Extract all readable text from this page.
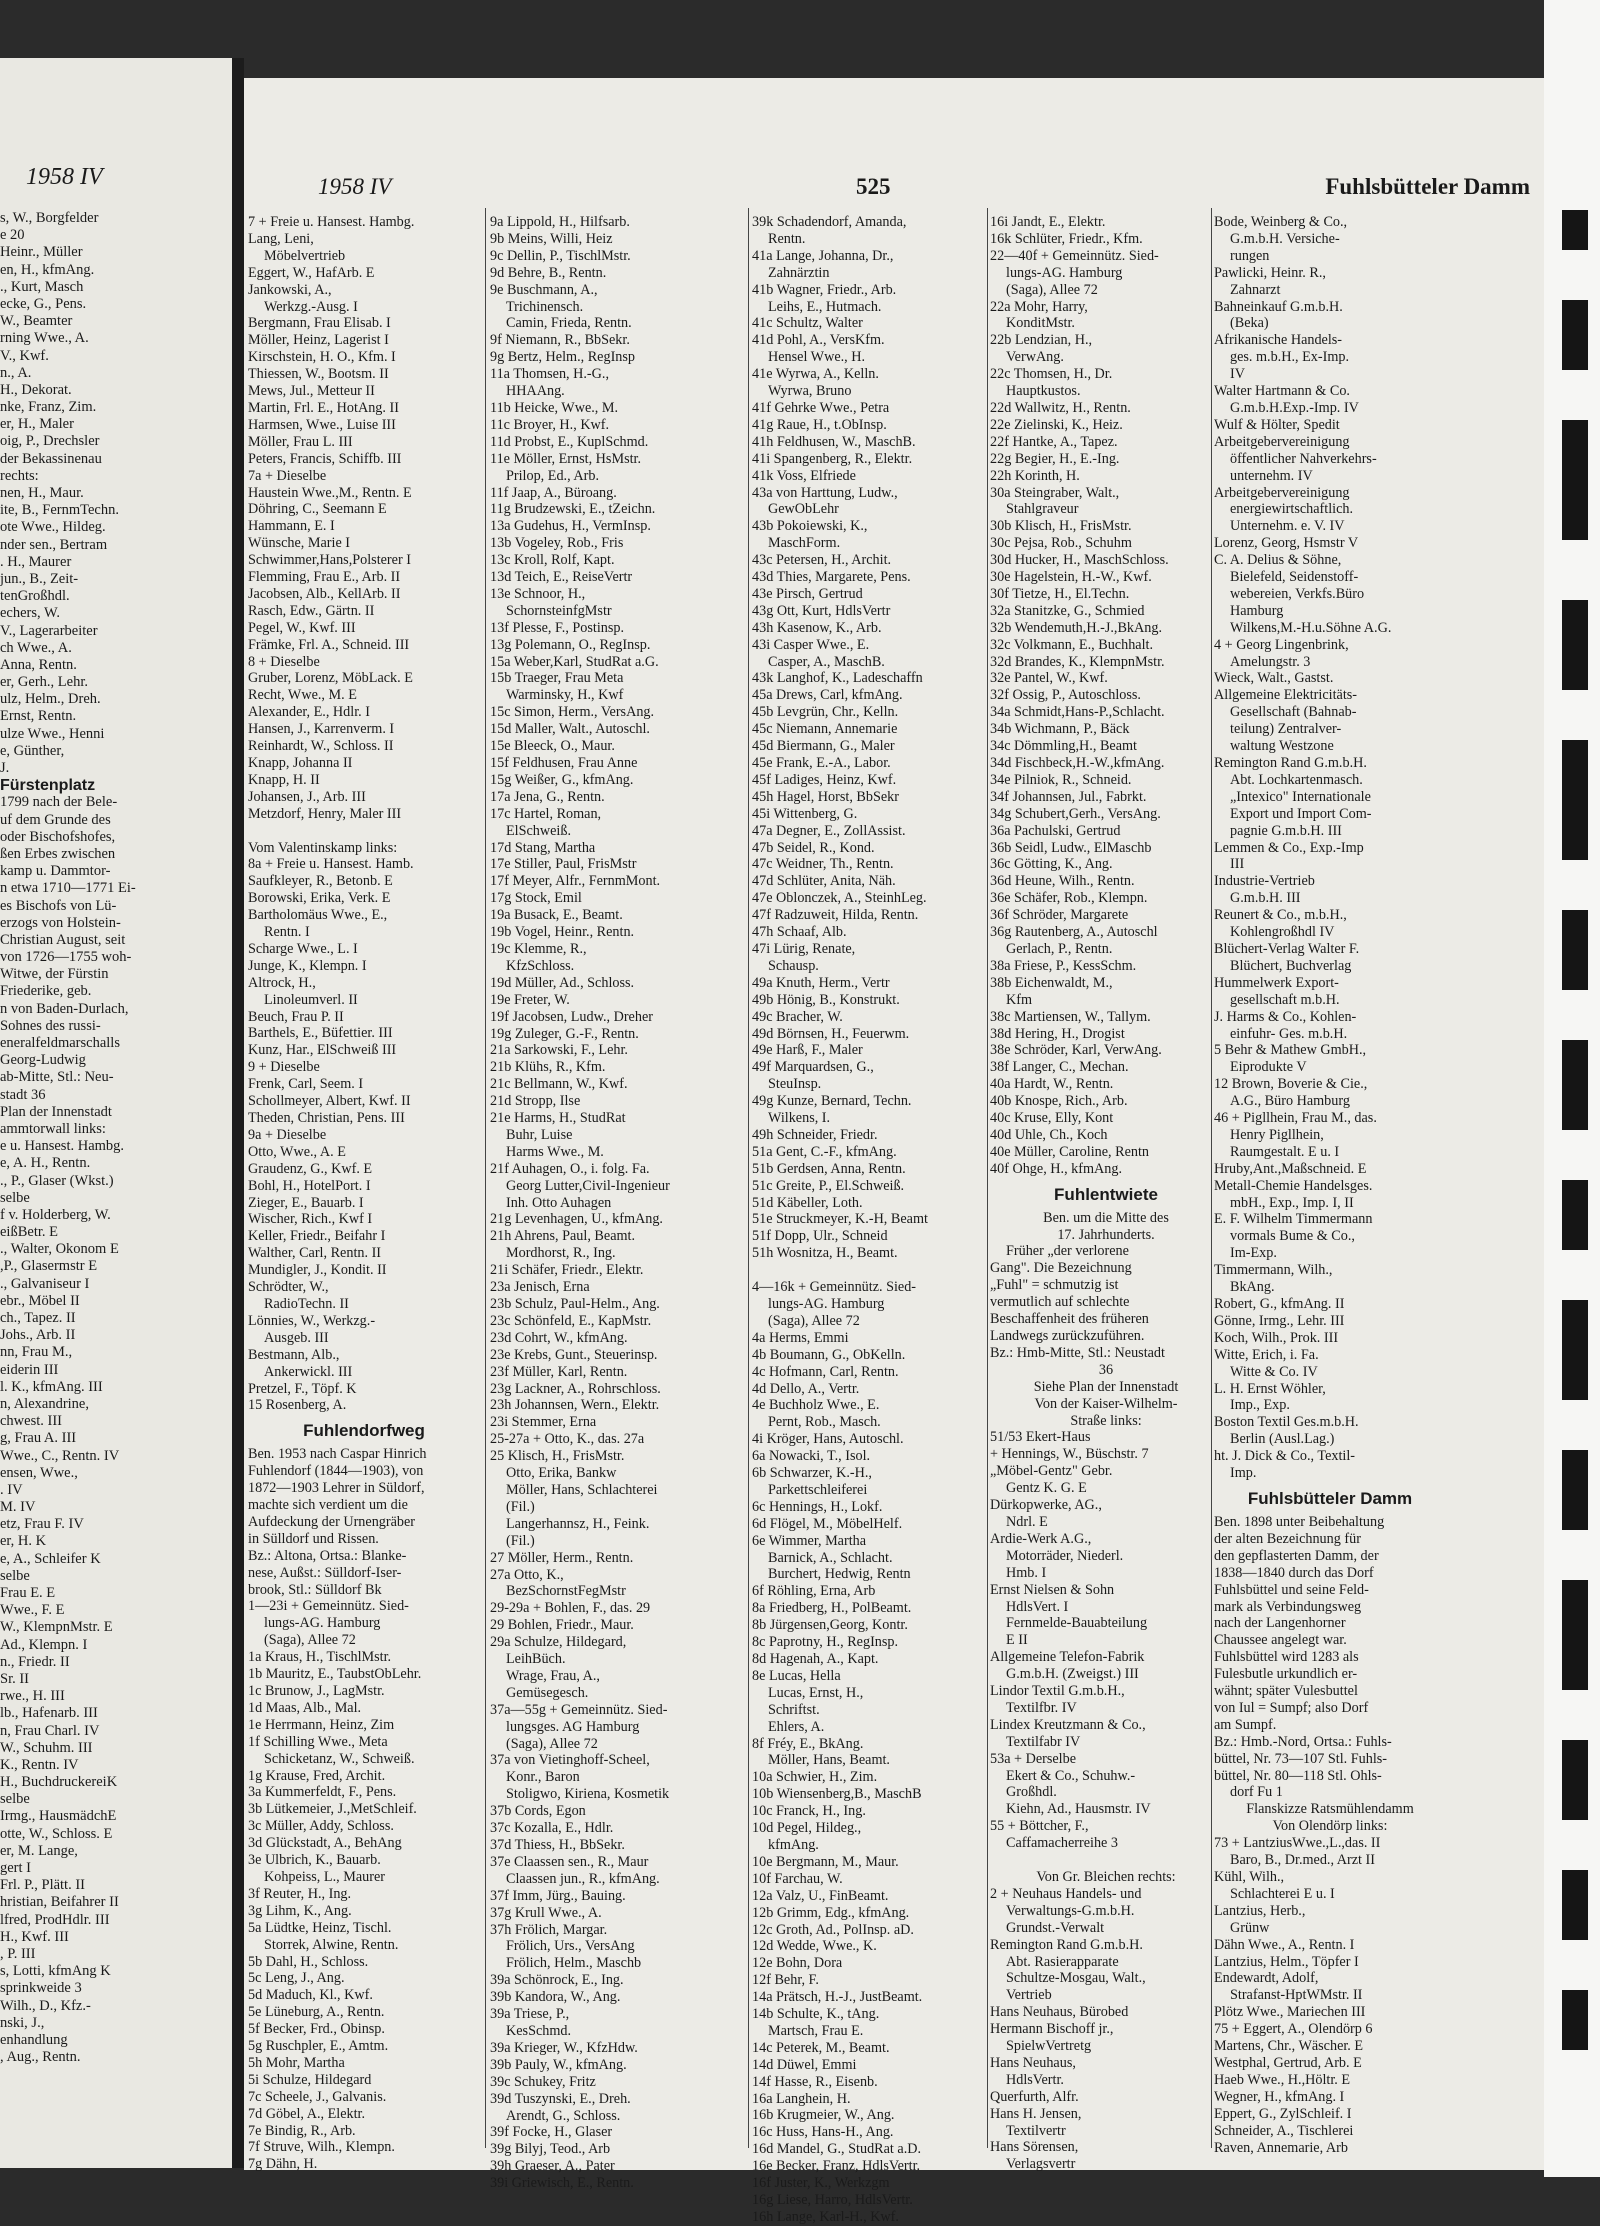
1958 IV
s, W., Borgfelder
e 20
Heinr., Müller
en, H., kfmAng.
., Kurt, Masch
ecke, G., Pens.
W., Beamter
rning Wwe., A.
V., Kwf.
n., A.
H., Dekorat.
nke, Franz, Zim.
er, H., Maler
oig, P., Drechsler
der Bekassinenau
rechts:
nen, H., Maur.
ite, B., FernmTechn.
ote Wwe., Hildeg.
nder sen., Bertram
. H., Maurer
jun., B., Zeit-
tenGroßhdl.
echers, W.
V., Lagerarbeiter
ch Wwe., A.
Anna, Rentn.
er, Gerh., Lehr.
ulz, Helm., Dreh.
Ernst, Rentn.
ulze Wwe., Henni
e, Günther,
J.
Fürstenplatz
1799 nach der Bele-
uf dem Grunde des
oder Bischofshofes,
ßen Erbes zwischen
kamp u. Dammtor-
n etwa 1710—1771 Ei-
es Bischofs von Lü-
erzogs von Holstein-
Christian August, seit
von 1726—1755 woh-
Witwe, der Fürstin
Friederike, geb.
n von Baden-Durlach,
Sohnes des russi-
eneralfeldmarschalls
Georg-Ludwig
ab-Mitte, Stl.: Neu-
stadt 36
Plan der Innenstadt
ammtorwall links:
e u. Hansest. Hambg.
e, A. H., Rentn.
., P., Glaser (Wkst.)
selbe
f v. Holderberg, W.
eißBetr. E
., Walter, Okonom E
,P., Glasermstr E
., Galvaniseur I
ebr., Möbel II
ch., Tapez. II
Johs., Arb. II
nn, Frau M.,
eiderin III
l. K., kfmAng. III
n, Alexandrine,
chwest. III
g, Frau A. III
Wwe., C., Rentn. IV
ensen, Wwe.,
. IV
M. IV
etz, Frau F. IV
er, H. K
e, A., Schleifer K
selbe
Frau E. E
Wwe., F. E
W., KlempnMstr. E
Ad., Klempn. I
n., Friedr. II
Sr. II
rwe., H. III
lb., Hafenarb. III
n, Frau Charl. IV
W., Schuhm. III
K., Rentn. IV
H., BuchdruckereiK
selbe
Irmg., HausmädchE
otte, W., Schloss. E
er, M. Lange,
gert I
Frl. P., Plätt. II
hristian, Beifahrer II
lfred, ProdHdlr. III
H., Kwf. III
, P. III
s, Lotti, kfmAng K
sprinkweide 3
Wilh., D., Kfz.-
nski, J.,
enhandlung
, Aug., Rentn.
1958 IV	525	Fuhlsbütteler Damm
7 + Freie u. Hansest. Hambg.
Lang, Leni,
Möbelvertrieb
Eggert, W., HafArb. E
Jankowski, A.,
Werkzg.-Ausg. I
Bergmann, Frau Elisab. I
Möller, Heinz, Lagerist I
Kirschstein, H. O., Kfm. I
Thiessen, W., Bootsm. II
Mews, Jul., Metteur II
Martin, Frl. E., HotAng. II
Harmsen, Wwe., Luise III
Möller, Frau L. III
Peters, Francis, Schiffb. III
7a + Dieselbe
Haustein Wwe.,M., Rentn. E
Döhring, C., Seemann E
Hammann, E. I
Wünsche, Marie I
Schwimmer,Hans,Polsterer I
Flemming, Frau E., Arb. II
Jacobsen, Alb., KellArb. II
Rasch, Edw., Gärtn. II
Pegel, W., Kwf. III
Främke, Frl. A., Schneid. III
8 + Dieselbe
Gruber, Lorenz, MöbLack. E
Recht, Wwe., M. E
Alexander, E., Hdlr. I
Hansen, J., Karrenverm. I
Reinhardt, W., Schloss. II
Knapp, Johanna II
Knapp, H. II
Johansen, J., Arb. III
Metzdorf, Henry, Maler III
Vom Valentinskamp links:
8a + Freie u. Hansest. Hamb.
Saufkleyer, R., Betonb. E
Borowski, Erika, Verk. E
Bartholomäus Wwe., E.,
Rentn. I
Scharge Wwe., L. I
Junge, K., Klempn. I
Altrock, H.,
Linoleumverl. II
Beuch, Frau P. II
Barthels, E., Büfettier. III
Kunz, Har., ElSchweiß III
9 + Dieselbe
Frenk, Carl, Seem. I
Schollmeyer, Albert, Kwf. II
Theden, Christian, Pens. III
9a + Dieselbe
Otto, Wwe., A. E
Graudenz, G., Kwf. E
Bohl, H., HotelPort. I
Zieger, E., Bauarb. I
Wischer, Rich., Kwf I
Keller, Friedr., Beifahr I
Walther, Carl, Rentn. II
Mundigler, J., Kondit. II
Schrödter, W.,
RadioTechn. II
Lönnies, W., Werkzg.-
Ausgeb. III
Bestmann, Alb.,
Ankerwickl. III
Pretzel, F., Töpf. K
15 Rosenberg, A.
Fuhlendorfweg
Ben. 1953 nach Caspar Hinrich
Fuhlendorf (1844—1903), von
1872—1903 Lehrer in Süldorf,
machte sich verdient um die
Aufdeckung der Urnengräber
in Sülldorf und Rissen.
Bz.: Altona, Ortsa.: Blanke-
nese, Außst.: Sülldorf-Iser-
brook, Stl.: Sülldorf Bk
1—23i + Gemeinnütz. Sied-
lungs-AG. Hamburg
(Saga), Allee 72
1a Kraus, H., TischlMstr.
1b Mauritz, E., TaubstObLehr.
1c Brunow, J., LagMstr.
1d Maas, Alb., Mal.
1e Herrmann, Heinz, Zim
1f Schilling Wwe., Meta
Schicketanz, W., Schweiß.
1g Krause, Fred, Archit.
3a Kummerfeldt, F., Pens.
3b Lütkemeier, J.,MetSchleif.
3c Müller, Addy, Schloss.
3d Glückstadt, A., BehAng
3e Ulbrich, K., Bauarb.
Kohpeiss, L., Maurer
3f Reuter, H., Ing.
3g Lihm, K., Ang.
5a Lüdtke, Heinz, Tischl.
Storrek, Alwine, Rentn.
5b Dahl, H., Schloss.
5c Leng, J., Ang.
5d Maduch, Kl., Kwf.
5e Lüneburg, A., Rentn.
5f Becker, Frd., Obinsp.
5g Ruschpler, E., Amtm.
5h Mohr, Martha
5i Schulze, Hildegard
7c Scheele, J., Galvanis.
7d Göbel, A., Elektr.
7e Bindig, R., Arb.
7f Struve, Wilh., Klempn.
7g Dähn, H.
9a Lippold, H., Hilfsarb.
9b Meins, Willi, Heiz
9c Dellin, P., TischlMstr.
9d Behre, B., Rentn.
9e Buschmann, A.,
Trichinensch.
Camin, Frieda, Rentn.
9f Niemann, R., BbSekr.
9g Bertz, Helm., RegInsp
11a Thomsen, H.-G.,
HHAAng.
11b Heicke, Wwe., M.
11c Broyer, H., Kwf.
11d Probst, E., KuplSchmd.
11e Möller, Ernst, HsMstr.
Prilop, Ed., Arb.
11f Jaap, A., Büroang.
11g Brudzewski, E., tZeichn.
13a Gudehus, H., VermInsp.
13b Vogeley, Rob., Fris
13c Kroll, Rolf, Kapt.
13d Teich, E., ReiseVertr
13e Schnoor, H.,
SchornsteinfgMstr
13f Plesse, F., Postinsp.
13g Polemann, O., RegInsp.
15a Weber,Karl, StudRat a.G.
15b Traeger, Frau Meta
Warminsky, H., Kwf
15c Simon, Herm., VersAng.
15d Maller, Walt., Autoschl.
15e Bleeck, O., Maur.
15f Feldhusen, Frau Anne
15g Weißer, G., kfmAng.
17a Jena, G., Rentn.
17c Hartel, Roman,
ElSchweiß.
17d Stang, Martha
17e Stiller, Paul, FrisMstr
17f Meyer, Alfr., FernmMont.
17g Stock, Emil
19a Busack, E., Beamt.
19b Vogel, Heinr., Rentn.
19c Klemme, R.,
KfzSchloss.
19d Müller, Ad., Schloss.
19e Freter, W.
19f Jacobsen, Ludw., Dreher
19g Zuleger, G.-F., Rentn.
21a Sarkowski, F., Lehr.
21b Klühs, R., Kfm.
21c Bellmann, W., Kwf.
21d Stropp, Ilse
21e Harms, H., StudRat
Buhr, Luise
Harms Wwe., M.
21f Auhagen, O., i. folg. Fa.
Georg Lutter,Civil-Ingenieur
Inh. Otto Auhagen
21g Levenhagen, U., kfmAng.
21h Ahrens, Paul, Beamt.
Mordhorst, R., Ing.
21i Schäfer, Friedr., Elektr.
23a Jenisch, Erna
23b Schulz, Paul-Helm., Ang.
23c Schönfeld, E., KapMstr.
23d Cohrt, W., kfmAng.
23e Krebs, Gunt., Steuerinsp.
23f Müller, Karl, Rentn.
23g Lackner, A., Rohrschloss.
23h Johannsen, Wern., Elektr.
23i Stemmer, Erna
25-27a + Otto, K., das. 27a
25 Klisch, H., FrisMstr.
Otto, Erika, Bankw
Möller, Hans, Schlachterei
(Fil.)
Langerhannsz, H., Feink.
(Fil.)
27 Möller, Herm., Rentn.
27a Otto, K.,
BezSchornstFegMstr
29-29a + Bohlen, F., das. 29
29 Bohlen, Friedr., Maur.
29a Schulze, Hildegard,
LeihBüch.
Wrage, Frau, A.,
Gemüsegesch.
37a—55g + Gemeinnütz. Sied-
lungsges. AG Hamburg
(Saga), Allee 72
37a von Vietinghoff-Scheel,
Konr., Baron
Stoligwo, Kiriena, Kosmetik
37b Cords, Egon
37c Kozalla, E., Hdlr.
37d Thiess, H., BbSekr.
37e Claassen sen., R., Maur
Claassen jun., R., kfmAng.
37f Imm, Jürg., Bauing.
37g Krull Wwe., A.
37h Frölich, Margar.
Frölich, Urs., VersAng
Frölich, Helm., Maschb
39a Schönrock, E., Ing.
39b Kandora, W., Ang.
39a Triese, P.,
KesSchmd.
39a Krieger, W., KfzHdw.
39b Pauly, W., kfmAng.
39c Schukey, Fritz
39d Tuszynski, E., Dreh.
Arendt, G., Schloss.
39f Focke, H., Glaser
39g Bilyj, Teod., Arb
39h Graeser, A., Pater
39i Griewisch, E., Rentn.
39k Schadendorf, Amanda,
Rentn.
41a Lange, Johanna, Dr.,
Zahnärztin
41b Wagner, Friedr., Arb.
Leihs, E., Hutmach.
41c Schultz, Walter
41d Pohl, A., VersKfm.
Hensel Wwe., H.
41e Wyrwa, A., Kelln.
Wyrwa, Bruno
41f Gehrke Wwe., Petra
41g Raue, H., t.ObInsp.
41h Feldhusen, W., MaschB.
41i Spangenberg, R., Elektr.
41k Voss, Elfriede
43a von Harttung, Ludw.,
GewObLehr
43b Pokoiewski, K.,
MaschForm.
43c Petersen, H., Archit.
43d Thies, Margarete, Pens.
43e Pirsch, Gertrud
43g Ott, Kurt, HdlsVertr
43h Kasenow, K., Arb.
43i Casper Wwe., E.
Casper, A., MaschB.
43k Langhof, K., Ladeschaffn
45a Drews, Carl, kfmAng.
45b Levgrün, Chr., Kelln.
45c Niemann, Annemarie
45d Biermann, G., Maler
45e Frank, E.-A., Labor.
45f Ladiges, Heinz, Kwf.
45h Hagel, Horst, BbSekr
45i Wittenberg, G.
47a Degner, E., ZollAssist.
47b Seidel, R., Kond.
47c Weidner, Th., Rentn.
47d Schlüter, Anita, Näh.
47e Oblonczek, A., SteinhLeg.
47f Radzuweit, Hilda, Rentn.
47h Schaaf, Alb.
47i Lürig, Renate,
Schausp.
49a Knuth, Herm., Vertr
49b Hönig, B., Konstrukt.
49c Bracher, W.
49d Börnsen, H., Feuerwm.
49e Harß, F., Maler
49f Marquardsen, G.,
SteuInsp.
49g Kunze, Bernard, Techn.
Wilkens, I.
49h Schneider, Friedr.
51a Gent, C.-F., kfmAng.
51b Gerdsen, Anna, Rentn.
51c Greite, P., El.Schweiß.
51d Käbeller, Loth.
51e Struckmeyer, K.-H, Beamt
51f Dopp, Ulr., Schneid
51h Wosnitza, H., Beamt.
4—16k + Gemeinnütz. Sied-
lungs-AG. Hamburg
(Saga), Allee 72
4a Herms, Emmi
4b Boumann, G., ObKelln.
4c Hofmann, Carl, Rentn.
4d Dello, A., Vertr.
4e Buchholz Wwe., E.
Pernt, Rob., Masch.
4i Kröger, Hans, Autoschl.
6a Nowacki, T., Isol.
6b Schwarzer, K.-H.,
Parkettschleiferei
6c Hennings, H., Lokf.
6d Flögel, M., MöbelHelf.
6e Wimmer, Martha
Barnick, A., Schlacht.
Burchert, Hedwig, Rentn
6f Röhling, Erna, Arb
8a Friedberg, H., PolBeamt.
8b Jürgensen,Georg, Kontr.
8c Paprotny, H., RegInsp.
8d Hagenah, A., Kapt.
8e Lucas, Hella
Lucas, Ernst, H.,
Schriftst.
Ehlers, A.
8f Fréy, E., BkAng.
Möller, Hans, Beamt.
10a Schwier, H., Zim.
10b Wiensenberg,B., MaschB
10c Franck, H., Ing.
10d Pegel, Hildeg.,
kfmAng.
10e Bergmann, M., Maur.
10f Farchau, W.
12a Valz, U., FinBeamt.
12b Grimm, Edg., kfmAng.
12c Groth, Ad., PolInsp. aD.
12d Wedde, Wwe., K.
12e Bohn, Dora
12f Behr, F.
14a Prätsch, H.-J., JustBeamt.
14b Schulte, K., tAng.
Martsch, Frau E.
14c Peterek, M., Beamt.
14d Düwel, Emmi
14f Hasse, R., Eisenb.
16a Langhein, H.
16b Krugmeier, W., Ang.
16c Huss, Hans-H., Ang.
16d Mandel, G., StudRat a.D.
16e Becker, Franz, HdlsVertr.
16f Juster, K., Werkzgm
16g Liese, Harro, HdlsVertr.
16h Lange, Karl-H., Kwf.
16i Jandt, E., Elektr.
16k Schlüter, Friedr., Kfm.
22—40f + Gemeinnütz. Sied-
lungs-AG. Hamburg
(Saga), Allee 72
22a Mohr, Harry,
KonditMstr.
22b Lendzian, H.,
VerwAng.
22c Thomsen, H., Dr.
Hauptkustos.
22d Wallwitz, H., Rentn.
22e Zielinski, K., Heiz.
22f Hantke, A., Tapez.
22g Begier, H., E.-Ing.
22h Korinth, H.
30a Steingraber, Walt.,
Stahlgraveur
30b Klisch, H., FrisMstr.
30c Pejsa, Rob., Schuhm
30d Hucker, H., MaschSchloss.
30e Hagelstein, H.-W., Kwf.
30f Tietze, H., El.Techn.
32a Stanitzke, G., Schmied
32b Wendemuth,H.-J.,BkAng.
32c Volkmann, E., Buchhalt.
32d Brandes, K., KlempnMstr.
32e Pantel, W., Kwf.
32f Ossig, P., Autoschloss.
34a Schmidt,Hans-P.,Schlacht.
34b Wichmann, P., Bäck
34c Dömmling,H., Beamt
34d Fischbeck,H.-W.,kfmAng.
34e Pilniok, R., Schneid.
34f Johannsen, Jul., Fabrkt.
34g Schubert,Gerh., VersAng.
36a Pachulski, Gertrud
36b Seidl, Ludw., ElMaschb
36c Götting, K., Ang.
36d Heune, Wilh., Rentn.
36e Schäfer, Rob., Klempn.
36f Schröder, Margarete
36g Rautenberg, A., Autoschl
Gerlach, P., Rentn.
38a Friese, P., KessSchm.
38b Eichenwaldt, M.,
Kfm
38c Martiensen, W., Tallym.
38d Hering, H., Drogist
38e Schröder, Karl, VerwAng.
38f Langer, C., Mechan.
40a Hardt, W., Rentn.
40b Knospe, Rich., Arb.
40c Kruse, Elly, Kont
40d Uhle, Ch., Koch
40e Müller, Caroline, Rentn
40f Ohge, H., kfmAng.
Fuhlentwiete
Ben. um die Mitte des
17. Jahrhunderts.
Früher „der verlorene
Gang". Die Bezeichnung
„Fuhl" = schmutzig ist
vermutlich auf schlechte
Beschaffenheit des früheren
Landwegs zurückzuführen.
Bz.: Hmb-Mitte, Stl.: Neustadt
36
Siehe Plan der Innenstadt
Von der Kaiser-Wilhelm-
Straße links:
51/53 Ekert-Haus
+ Hennings, W., Büschstr. 7
„Möbel-Gentz" Gebr.
Gentz K. G. E
Dürkopwerke, AG.,
Ndrl. E
Ardie-Werk A.G.,
Motorräder, Niederl.
Hmb. I
Ernst Nielsen & Sohn
HdlsVert. I
Fernmelde-Bauabteilung
E II
Allgemeine Telefon-Fabrik
G.m.b.H. (Zweigst.) III
Lindor Textil G.m.b.H.,
Textilfbr. IV
Lindex Kreutzmann & Co.,
Textilfabr IV
53a + Derselbe
Ekert & Co., Schuhw.-
Großhdl.
Kiehn, Ad., Hausmstr. IV
55 + Böttcher, F.,
Caffamacherreihe 3
Von Gr. Bleichen rechts:
2 + Neuhaus Handels- und
Verwaltungs-G.m.b.H.
Grundst.-Verwalt
Remington Rand G.m.b.H.
Abt. Rasierapparate
Schultze-Mosgau, Walt.,
Vertrieb
Hans Neuhaus, Bürobed
Hermann Bischoff jr.,
SpielwVertretg
Hans Neuhaus,
HdlsVertr.
Querfurth, Alfr.
Hans H. Jensen,
Textilvertr
Hans Sörensen,
Verlagsvertr
Bode, Weinberg & Co.,
G.m.b.H. Versiche-
rungen
Pawlicki, Heinr. R.,
Zahnarzt
Bahneinkauf G.m.b.H.
(Beka)
Afrikanische Handels-
ges. m.b.H., Ex-Imp.
IV
Walter Hartmann & Co.
G.m.b.H.Exp.-Imp. IV
Wulf & Hölter, Spedit
Arbeitgebervereinigung
öffentlicher Nahverkehrs-
unternehm. IV
Arbeitgebervereinigung
energiewirtschaftlich.
Unternehm. e. V. IV
Lorenz, Georg, Hsmstr V
C. A. Delius & Söhne,
Bielefeld, Seidenstoff-
webereien, Verkfs.Büro
Hamburg
Wilkens,M.-H.u.Söhne A.G.
4 + Georg Lingenbrink,
Amelungstr. 3
Wieck, Walt., Gastst.
Allgemeine Elektricitäts-
Gesellschaft (Bahnab-
teilung) Zentralver-
waltung Westzone
Remington Rand G.m.b.H.
Abt. Lochkartenmasch.
„Intexico" Internationale
Export und Import Com-
pagnie G.m.b.H. III
Lemmen & Co., Exp.-Imp
III
Industrie-Vertrieb
G.m.b.H. III
Reunert & Co., m.b.H.,
Kohlengroßhdl IV
Blüchert-Verlag Walter F.
Blüchert, Buchverlag
Hummelwerk Export-
gesellschaft m.b.H.
J. Harms & Co., Kohlen-
einfuhr- Ges. m.b.H.
5 Behr & Mathew GmbH.,
Eiprodukte V
12 Brown, Boverie & Cie.,
A.G., Büro Hamburg
46 + Pigllhein, Frau M., das.
Henry Pigllhein,
Raumgestalt. E u. I
Hruby,Ant.,Maßschneid. E
Metall-Chemie Handelsges.
mbH., Exp., Imp. I, II
E. F. Wilhelm Timmermann
vormals Bume & Co.,
Im-Exp.
Timmermann, Wilh.,
BkAng.
Robert, G., kfmAng. II
Gönne, Irmg., Lehr. III
Koch, Wilh., Prok. III
Witte, Erich, i. Fa.
Witte & Co. IV
L. H. Ernst Wöhler,
Imp., Exp.
Boston Textil Ges.m.b.H.
Berlin (Ausl.Lag.)
ht. J. Dick & Co., Textil-
Imp.
Fuhlsbütteler Damm
Ben. 1898 unter Beibehaltung
der alten Bezeichnung für
den gepflasterten Damm, der
1838—1840 durch das Dorf
Fuhlsbüttel und seine Feld-
mark als Verbindungsweg
nach der Langenhorner
Chaussee angelegt war.
Fuhlsbüttel wird 1283 als
Fulesbutle urkundlich er-
wähnt; später Vulesbuttel
von Iul = Sumpf; also Dorf
am Sumpf.
Bz.: Hmb.-Nord, Ortsa.: Fuhls-
büttel, Nr. 73—107 Stl. Fuhls-
büttel, Nr. 80—118 Stl. Ohls-
dorf Fu 1
Flanskizze Ratsmühlendamm
Von Olendörp links:
73 + LantziusWwe.,L.,das. II
Baro, B., Dr.med., Arzt II
Kühl, Wilh.,
Schlachterei E u. I
Lantzius, Herb.,
Grünw
Dähn Wwe., A., Rentn. I
Lantzius, Helm., Töpfer I
Endewardt, Adolf,
Strafanst-HptWMstr. II
Plötz Wwe., Mariechen III
75 + Eggert, A., Olendörp 6
Martens, Chr., Wäscher. E
Westphal, Gertrud, Arb. E
Haeb Wwe., H.,Höltr. E
Wegner, H., kfmAng. I
Eppert, G., ZylSchleif. I
Schneider, A., Tischlerei
Raven, Annemarie, Arb
